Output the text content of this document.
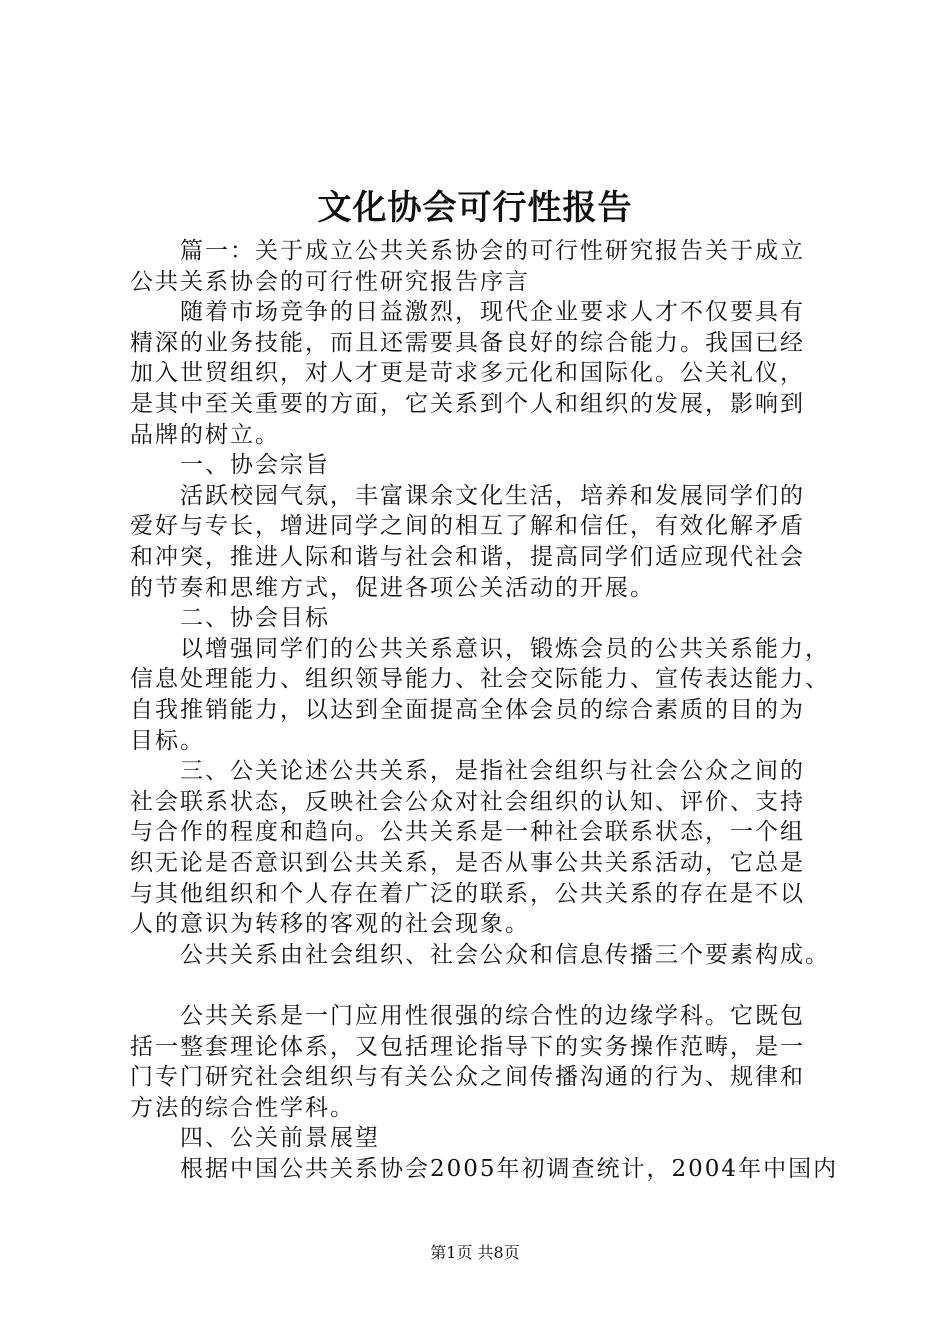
文化协会可行性报告
　　篇一：关于成立公共关系协会的可行性研究报告关于成立
公共关系协会的可行性研究报告序言
　　随着市场竞争的日益激烈，现代企业要求人才不仅要具有
精深的业务技能，而且还需要具备良好的综合能力。我国已经
加入世贸组织，对人才更是苛求多元化和国际化。公关礼仪，
是其中至关重要的方面，它关系到个人和组织的发展，影响到
品牌的树立。
　　一、协会宗旨
　　活跃校园气氛，丰富课余文化生活，培养和发展同学们的
爱好与专长，增进同学之间的相互了解和信任，有效化解矛盾
和冲突，推进人际和谐与社会和谐，提高同学们适应现代社会
的节奏和思维方式，促进各项公关活动的开展。
　　二、协会目标
　　以增强同学们的公共关系意识，锻炼会员的公共关系能力，
信息处理能力、组织领导能力、社会交际能力、宣传表达能力、
自我推销能力，以达到全面提高全体会员的综合素质的目的为
目标。
　　三、公关论述公共关系，是指社会组织与社会公众之间的
社会联系状态，反映社会公众对社会组织的认知、评价、支持
与合作的程度和趋向。公共关系是一种社会联系状态，一个组
织无论是否意识到公共关系，是否从事公共关系活动，它总是
与其他组织和个人存在着广泛的联系，公共关系的存在是不以
人的意识为转移的客观的社会现象。
　　公共关系由社会组织、社会公众和信息传播三个要素构成。
　　公共关系是一门应用性很强的综合性的边缘学科。它既包
括一整套理论体系，又包括理论指导下的实务操作范畴，是一
门专门研究社会组织与有关公众之间传播沟通的行为、规律和
方法的综合性学科。
　　四、公关前景展望
　　根据中国公共关系协会2005年初调查统计，2004年中国内
第1页 共8页
